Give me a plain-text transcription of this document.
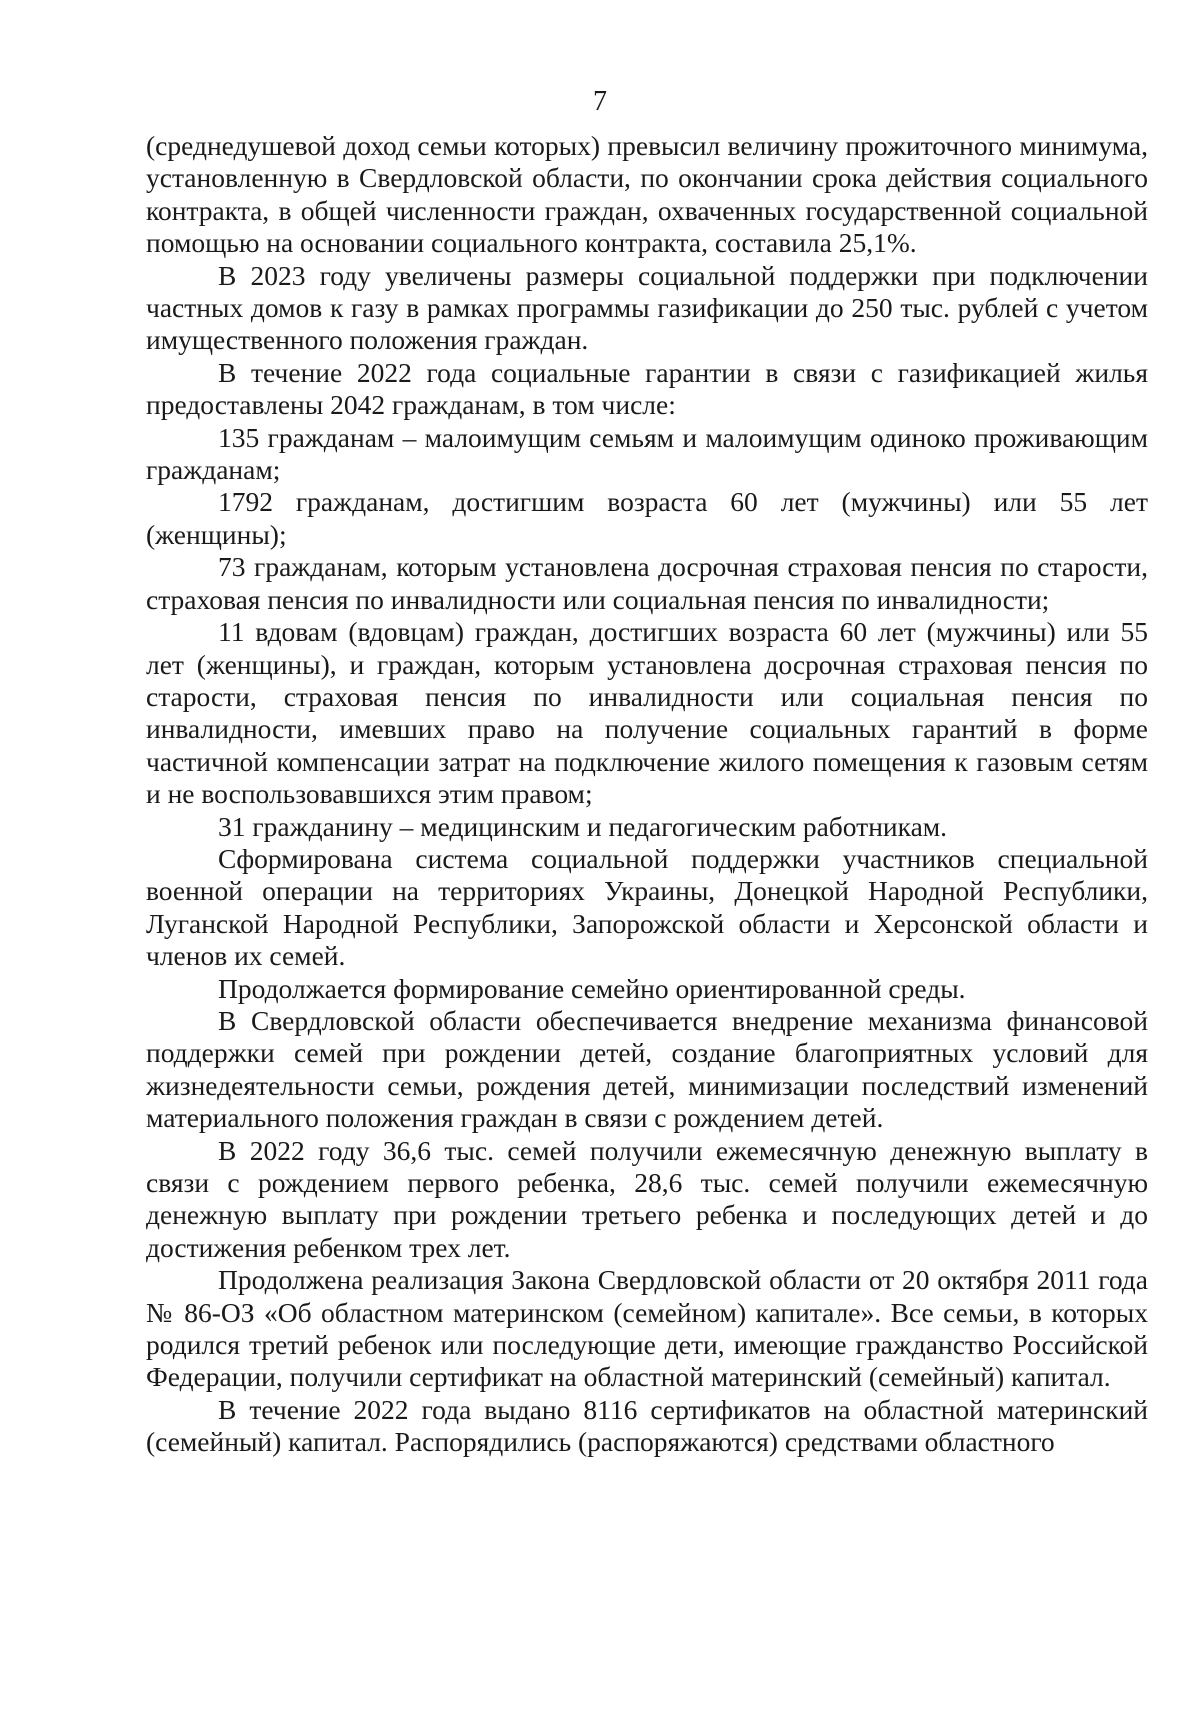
7

(среднедушевой доход семьи которых) превысил величину прожиточного минимума, установленную в Свердловской области, по окончании срока действия социального контракта, в общей численности граждан, охваченных государственной социальной помощью на основании социального контракта, составила 25,1%.

В 2023 году увеличены размеры социальной поддержки при подключении частных домов к газу в рамках программы газификации до 250 тыс. рублей с учетом имущественного положения граждан.

В течение 2022 года социальные гарантии в связи с газификацией жилья предоставлены 2042 гражданам, в том числе:

135 гражданам – малоимущим семьям и малоимущим одиноко проживающим гражданам;

1792 гражданам, достигшим возраста 60 лет (мужчины) или 55 лет (женщины);

73 гражданам, которым установлена досрочная страховая пенсия по старости, страховая пенсия по инвалидности или социальная пенсия по инвалидности;

11 вдовам (вдовцам) граждан, достигших возраста 60 лет (мужчины) или 55 лет (женщины), и граждан, которым установлена досрочная страховая пенсия по старости, страховая пенсия по инвалидности или социальная пенсия по инвалидности, имевших право на получение социальных гарантий в форме частичной компенсации затрат на подключение жилого помещения к газовым сетям и не воспользовавшихся этим правом;

31 гражданину – медицинским и педагогическим работникам.

Сформирована система социальной поддержки участников специальной военной операции на территориях Украины, Донецкой Народной Республики, Луганской Народной Республики, Запорожской области и Херсонской области и членов их семей.

Продолжается формирование семейно ориентированной среды.

В Свердловской области обеспечивается внедрение механизма финансовой поддержки семей при рождении детей, создание благоприятных условий для жизнедеятельности семьи, рождения детей, минимизации последствий изменений материального положения граждан в связи с рождением детей.

В 2022 году 36,6 тыс. семей получили ежемесячную денежную выплату в связи с рождением первого ребенка, 28,6 тыс. семей получили ежемесячную денежную выплату при рождении третьего ребенка и последующих детей и до достижения ребенком трех лет.

Продолжена реализация Закона Свердловской области от 20 октября 2011 года № 86-ОЗ «Об областном материнском (семейном) капитале». Все семьи, в которых родился третий ребенок или последующие дети, имеющие гражданство Российской Федерации, получили сертификат на областной материнский (семейный) капитал.

В течение 2022 года выдано 8116 сертификатов на областной материнский (семейный) капитал. Распорядились (распоряжаются) средствами областного
